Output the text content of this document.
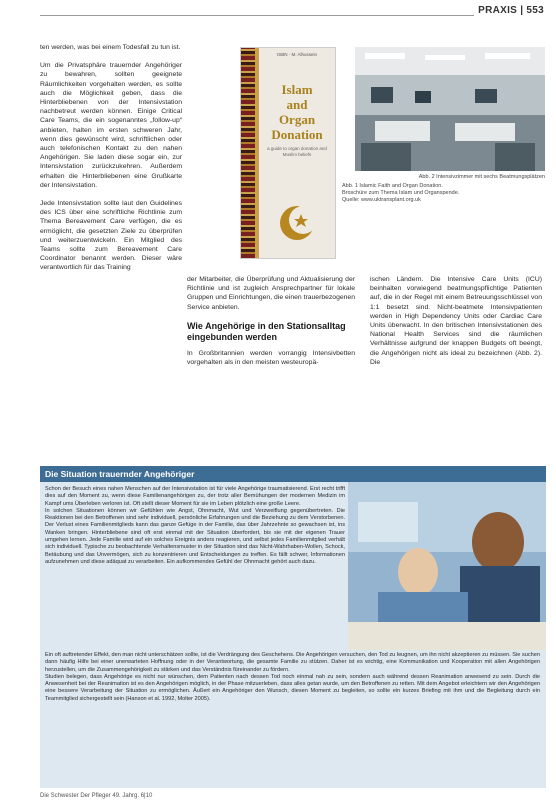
PRAXIS | 553

ten werden, was bei einem Todesfall zu tun ist.

Um die Privatsphäre trauernder Angehöriger zu bewahren, sollten geeignete Räumlichkeiten vorgehalten werden, es sollte auch die Möglichkeit geben, dass die Hinterbliebenen von der Intensivstation nachbetreut werden können. Einige Critical Care Teams, die ein sogenanntes „follow-up“ anbieten, halten im ersten schweren Jahr, wenn dies gewünscht wird, schriftlichen oder auch telefonischen Kontakt zu den nahen Angehörigen. Sie laden diese sogar ein, zur Intensivstation zurückzukehren. Außerdem erhalten die Hinterbliebenen eine Grußkarte der Intensivstation.

Jede Intensivstation sollte laut den Guidelines des ICS über eine schriftliche Richtlinie zum Thema Bereavement Care verfügen, die es ermöglicht, die gesetzten Ziele zu überprüfen und weiterzuentwickeln. Ein Mitglied des Teams sollte zum Bereavement Care Coordinator benannt werden. Dieser wäre verantwortlich für das Training

ISBN · M. Alhussein
Islam
and
Organ
Donation
a guide to organ donation and Muslim beliefs
Abb. 1 Islamic Faith and Organ Donation. Broschüre zum Thema Islam und Organspende.
Quelle: www.uktransplant.org.uk
Abb. 2 Intensivzimmer mit sechs Beatmungsplätzen

der Mitarbeiter, die Überprüfung und Aktualisierung der Richtlinie und ist zugleich Ansprechpartner für lokale Gruppen und Einrichtungen, die einen trauerbezogenen Service anbieten.

Wie Angehörige in den Stationsalltag eingebunden werden

In Großbritannien werden vorrangig Intensivbetten vorgehalten als in den meisten westeuropä-

ischen Ländern. Die Intensive Care Units (ICU) beinhalten vorwiegend beatmungspflichtige Patienten auf, die in der Regel mit einem Betreuungsschlüssel von 1:1 besetzt sind. Nicht-beatmete Intensivpatienten werden in High Dependency Units oder Cardiac Care Units überwacht. In den britischen Intensivstationen des National Health Services sind die räumlichen Verhältnisse aufgrund der knappen Budgets oft beengt, die Angehörigen nicht als ideal zu bezeichnen (Abb. 2). Die

Die Situation trauernder Angehöriger

Schon der Besuch eines nahen Menschen auf der Intensivstation ist für viele Angehörige traumatisierend. Erst recht trifft dies auf den Moment zu, wenn diese Familienangehörigen zu, der trotz aller Bemühungen der modernen Medizin im Kampf ums Überleben verloren ist. Oft stellt dieser Moment für sie im Leben plötzlich eine große Leere.

In solchen Situationen können wir Gefühlen wie Angst, Ohnmacht, Wut und Verzweiflung gegenübertreten. Die Reaktionen bei den Betroffenen sind sehr individuell, persönliche Erfahrungen und die Beziehung zu dem Verstorbenen. Der Verlust eines Familienmitglieds kann das ganze Gefüge in der Familie, das über Jahrzehnte so gewachsen ist, ins Wanken bringen. Hinterbliebene sind oft erst einmal mit der Situation überfordert, bis sie mit der eigenen Trauer umgehen lernen. Jede Familie wird auf ein solches Ereignis anders reagieren, und selbst jedes Familienmitglied verhält sich individuell. Typische zu beobachtende Verhaltensmuster in der Situation sind das Nicht-Wahrhaben-Wollen, Schock, Betäubung und das Unvermögen, sich zu konzentrieren und Entscheidungen zu treffen. Es fällt schwer, Informationen aufzunehmen und diese adäquat zu verarbeiten. Ein aufkommendes Gefühl der Ohnmacht gehört auch dazu.

Ein oft auftretender Effekt, den man nicht unterschätzen sollte, ist die Verdrängung des Geschehens. Die Angehörigen versuchen, den Tod zu leugnen, um ihn nicht akzeptieren zu müssen. Sie suchen dann häufig Hilfe bei einer unerwarteten Hoffnung oder in der Verantwortung, die gesamte Familie zu stützen. Daher ist es wichtig, eine Kommunikation und Kooperation mit allen Angehörigen herzustellen, um die Zusammengehörigkeit zu stärken und das Verständnis füreinander zu fördern.

Studien belegen, dass Angehörige es nicht nur wünschen, dem Patienten nach dessen Tod noch einmal nah zu sein, sondern auch während dessen Reanimation anwesend zu sein. Durch die Anwesenheit bei der Reanimation ist es den Angehörigen möglich, in der Phase mitzuerleben, dass alles getan wurde, um den Betroffenen zu retten. Mit dem Angebot erleichtern wir den Angehörigen eine bessere Verarbeitung der Situation zu ermöglichen. Äußert ein Angehöriger den Wunsch, diesen Moment zu begleiten, so sollte ein kurzes Briefing mit ihm und die Begleitung durch ein Teammitglied sichergestellt sein (Hanson et al. 1992, Molter 2005).

Die Schwester Der Pfleger 49. Jahrg. 6|10
